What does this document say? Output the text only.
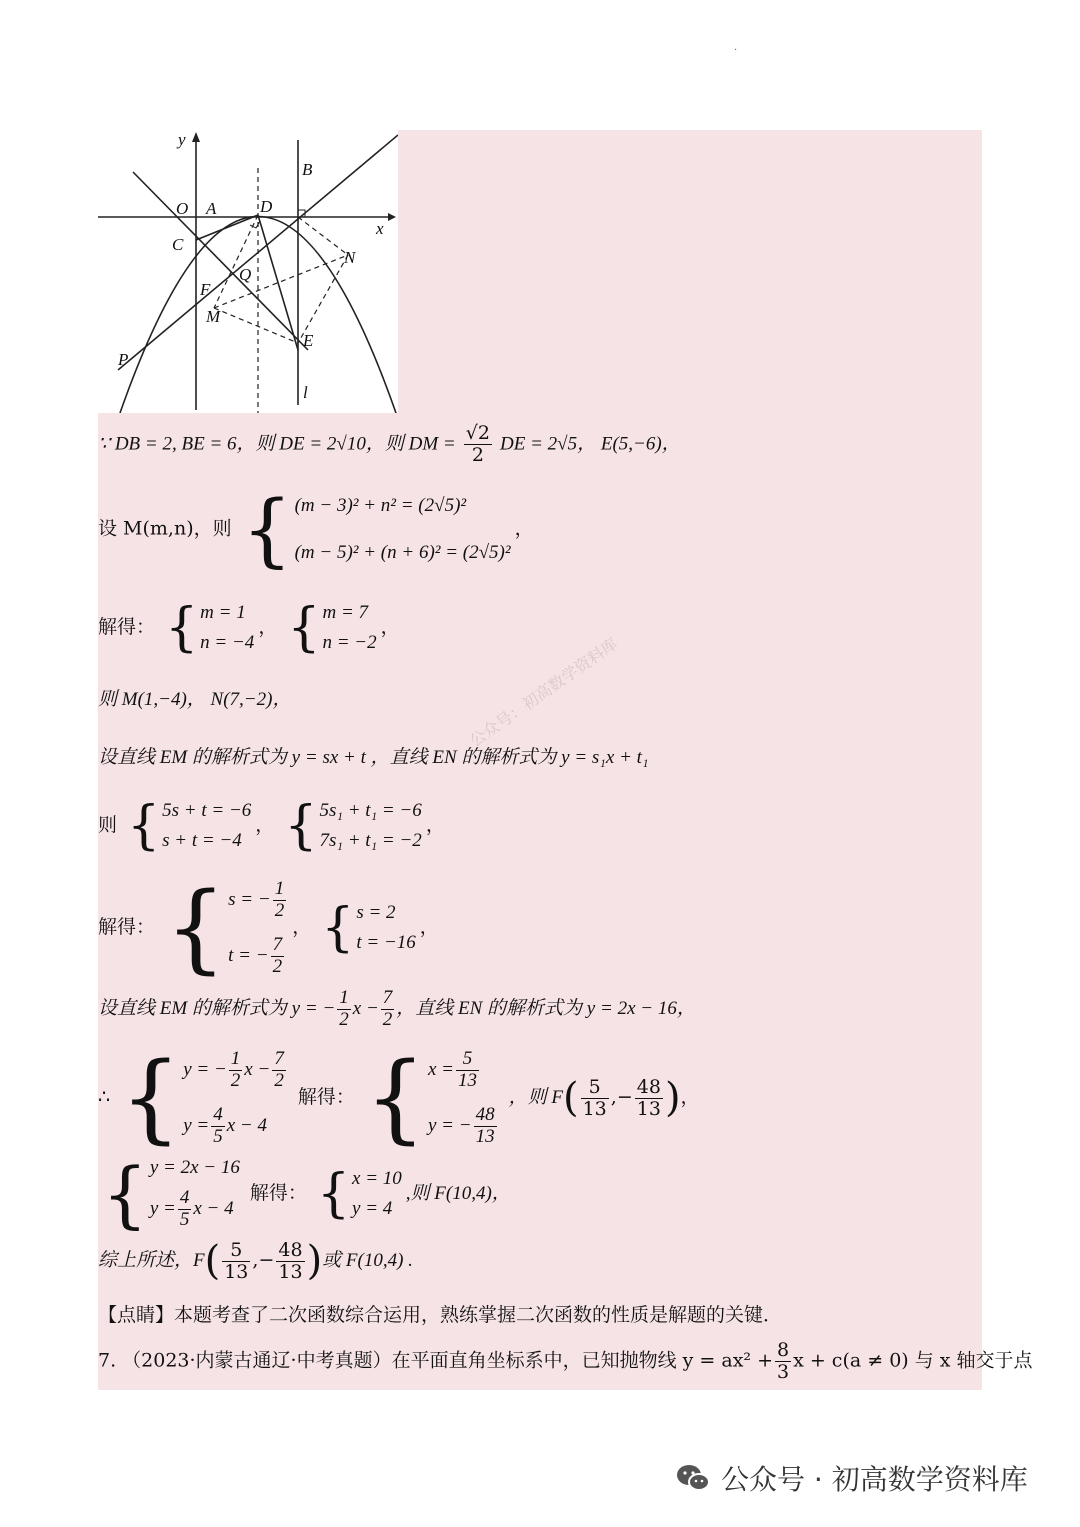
.
y
x
O A	D
B
C
N
Q
F
M
P
E
l
∵ DB = 2, BE = 6，则 DE = 2√10，则 DM = $\frac{√2}{2}$ DE = 2√5， E(5,−6)，
设 M(m,n)，则 { (m − 3)² + n² = (2√5)²
(m − 5)² + (n + 6)² = (2√5)²
，
解得： { m = 1
n = −4
， { m = 7
n = −2
，
则 M(1,−4)， N(7,−2)，
设直线 EM 的解析式为 y = sx + t ，直线 EN 的解析式为 y = s₁x + t₁
则 { 5s + t = −6
s + t = −4
， { 5s₁ + t₁ = −6
7s₁ + t₁ = −2
，
解得： { s = − $\frac{1}{2}$
t = − $\frac{7}{2}$
， { s = 2
t = −16
，
设直线 EM 的解析式为 y = − $\frac{1}{2}$ $x - \frac{7}{2}$ ，直线 EN 的解析式为 y = 2x − 16，
∴ { y = − $\frac{1}{2}$ $x - \frac{7}{2}$
$y = \frac{4}{5}$ x − 4
解得： { $x = \frac{5}{13}$
y = − $\frac{48}{13}$
，则 $F( \frac{5}{13}$ ,− $\frac{48}{13}$ )，
{ y = 2x − 16
$y = \frac{4}{5}$ x − 4
解得： { x = 10
y = 4
,则 F(10,4)，
综上所述，$F( \frac{5}{13}$ ,− $\frac{48}{13}$ )或 F(10,4) .
【点睛】本题考查了二次函数综合运用，熟练掌握二次函数的性质是解题的关键．
7. （2023·内蒙古通辽·中考真题）在平面直角坐标系中，已知抛物线 $y = ax^2 + \frac{8}{3}$ x + c(a ≠ 0) 与 x 轴交于点
公众号：初高数学资料库
公众号 · 初高数学资料库
